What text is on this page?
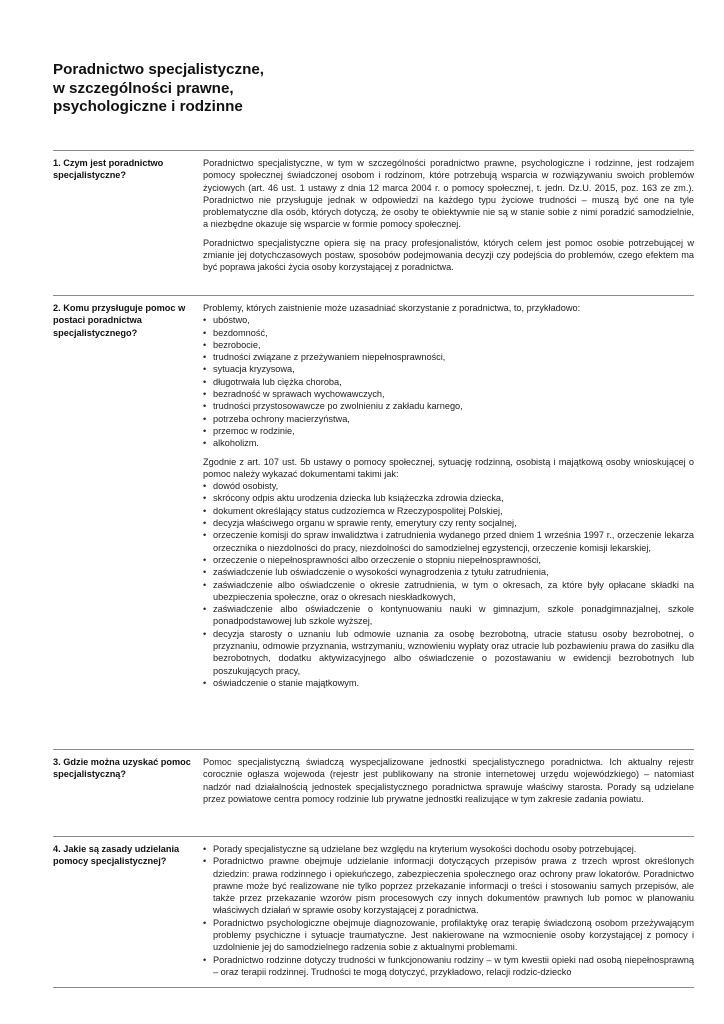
Poradnictwo specjalistyczne,
w szczególności prawne,
psychologiczne i rodzinne
1. Czym jest poradnictwo specjalistyczne?

Poradnictwo specjalistyczne, w tym w szczególności poradnictwo prawne, psychologiczne i rodzinne, jest rodzajem pomocy społecznej świadczonej osobom i rodzinom, które potrzebują wsparcia w rozwiązywaniu swoich problemów życiowych (art. 46 ust. 1 ustawy z dnia 12 marca 2004 r. o pomocy społecznej, t. jedn. Dz.U. 2015, poz. 163 ze zm.). Poradnictwo nie przysługuje jednak w odpowiedzi na każdego typu życiowe trudności – muszą być one na tyle problematyczne dla osób, których dotyczą, że osoby te obiektywnie nie są w stanie sobie z nimi poradzić samodzielnie, a niezbędne okazuje się wsparcie w formie pomocy społecznej.

Poradnictwo specjalistyczne opiera się na pracy profesjonalistów, których celem jest pomoc osobie potrzebującej w zmianie jej dotychczasowych postaw, sposobów podejmowania decyzji czy podejścia do problemów, czego efektem ma być poprawa jakości życia osoby korzystającej z poradnictwa.

2. Komu przysługuje pomoc w postaci poradnictwa specjalistycznego?

Problemy, których zaistnienie może uzasadniać skorzystanie z poradnictwa, to, przykładowo:

• ubóstwo,
• bezdomność,
• bezrobocie,
• trudności związane z przeżywaniem niepełnosprawności,
• sytuacja kryzysowa,
• długotrwała lub ciężka choroba,
• bezradność w sprawach wychowawczych,
• trudności przystosowawcze po zwolnieniu z zakładu karnego,
• potrzeba ochrony macierzyństwa,
• przemoc w rodzinie,
• alkoholizm.

Zgodnie z art. 107 ust. 5b ustawy o pomocy społecznej, sytuację rodzinną, osobistą i majątkową osoby wnioskującej o pomoc należy wykazać dokumentami takimi jak:

• dowód osobisty,
• skrócony odpis aktu urodzenia dziecka lub książeczka zdrowia dziecka,
• dokument określający status cudzoziemca w Rzeczypospolitej Polskiej,
• decyzja właściwego organu w sprawie renty, emerytury czy renty socjalnej,
• orzeczenie komisji do spraw inwalidztwa i zatrudnienia wydanego przed dniem 1 września 1997 r., orzeczenie lekarza orzecznika o niezdolności do pracy, niezdolności do samodzielnej egzystencji, orzeczenie komisji lekarskiej,
• orzeczenie o niepełnosprawności albo orzeczenie o stopniu niepełnosprawności,
• zaświadczenie lub oświadczenie o wysokości wynagrodzenia z tytułu zatrudnienia,
• zaświadczenie albo oświadczenie o okresie zatrudnienia, w tym o okresach, za które były opłacane składki na ubezpieczenia społeczne, oraz o okresach nieskładkowych,
• zaświadczenie albo oświadczenie o kontynuowaniu nauki w gimnazjum, szkole ponadgimnazjalnej, szkole ponadpodstawowej lub szkole wyższej,
• decyzja starosty o uznaniu lub odmowie uznania za osobę bezrobotną, utracie statusu osoby bezrobotnej, o przyznaniu, odmowie przyznania, wstrzymaniu, wznowieniu wypłaty oraz utracie lub pozbawieniu prawa do zasiłku dla bezrobotnych, dodatku aktywizacyjnego albo oświadczenie o pozostawaniu w ewidencji bezrobotnych lub poszukujących pracy,
• oświadczenie o stanie majątkowym.
3. Gdzie można uzyskać pomoc specjalistyczną?

Pomoc specjalistyczną świadczą wyspecjalizowane jednostki specjalistycznego poradnictwa. Ich aktualny rejestr corocznie ogłasza wojewoda (rejestr jest publikowany na stronie internetowej urzędu wojewódzkiego) – natomiast nadzór nad działalnością jednostek specjalistycznego poradnictwa sprawuje właściwy starosta. Porady są udzielane przez powiatowe centra pomocy rodzinie lub prywatne jednostki realizujące w tym zakresie zadania powiatu.

4. Jakie są zasady udzielania pomocy specjalistycznej?
• Porady specjalistyczne są udzielane bez względu na kryterium wysokości dochodu osoby potrzebującej.
• Poradnictwo prawne obejmuje udzielanie informacji dotyczących przepisów prawa z trzech wprost określonych dziedzin: prawa rodzinnego i opiekuńczego, zabezpieczenia społecznego oraz ochrony praw lokatorów. Poradnictwo prawne może być realizowane nie tylko poprzez przekazanie informacji o treści i stosowaniu samych przepisów, ale także przez przekazanie wzorów pism procesowych czy innych dokumentów prawnych lub pomoc w planowaniu właściwych działań w sprawie osoby korzystającej z poradnictwa.
• Poradnictwo psychologiczne obejmuje diagnozowanie, profilaktykę oraz terapię świadczoną osobom przeżywającym problemy psychiczne i sytuacje traumatyczne. Jest nakierowane na wzmocnienie osoby korzystającej z pomocy i uzdolnienie jej do samodzielnego radzenia sobie z aktualnymi problemami.
• Poradnictwo rodzinne dotyczy trudności w funkcjonowaniu rodziny – w tym kwestii opieki nad osobą niepełnosprawną – oraz terapii rodzinnej. Trudności te mogą dotyczyć, przykładowo, relacji rodzic-dziecko
